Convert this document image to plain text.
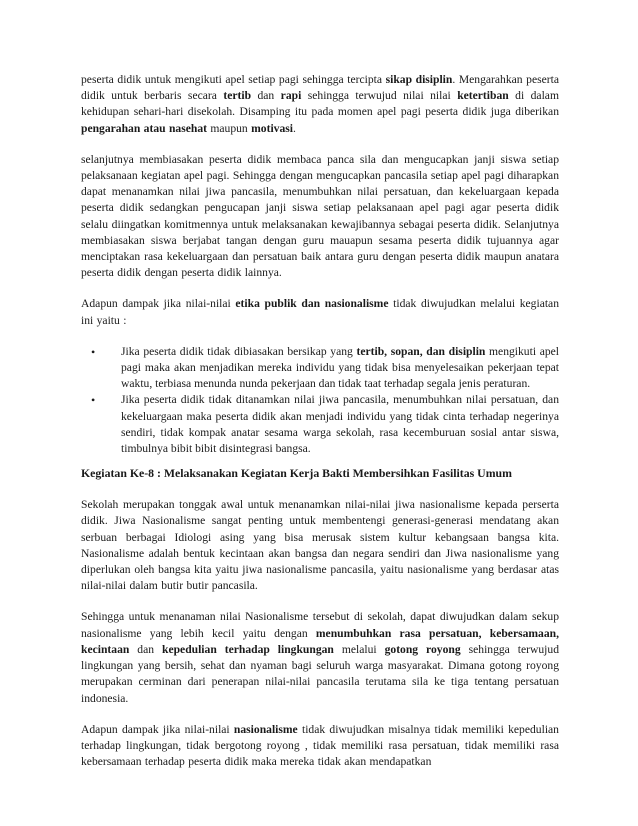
peserta didik untuk mengikuti apel setiap pagi sehingga tercipta sikap disiplin. Mengarahkan peserta didik untuk berbaris secara tertib dan rapi sehingga terwujud nilai nilai ketertiban di dalam kehidupan sehari-hari disekolah. Disamping itu pada momen apel pagi peserta didik juga diberikan pengarahan atau nasehat maupun motivasi.

selanjutnya membiasakan peserta didik membaca panca sila dan mengucapkan janji siswa setiap pelaksanaan kegiatan apel pagi. Sehingga dengan mengucapkan pancasila setiap apel pagi diharapkan dapat menanamkan nilai jiwa pancasila, menumbuhkan nilai persatuan, dan kekeluargaan kepada peserta didik sedangkan pengucapan janji siswa setiap pelaksanaan apel pagi agar peserta didik selalu diingatkan komitmennya untuk melaksanakan kewajibannya sebagai peserta didik. Selanjutnya membiasakan siswa berjabat tangan dengan guru mauapun sesama peserta didik tujuannya agar menciptakan rasa kekeluargaan dan persatuan baik antara guru dengan peserta didik maupun anatara peserta didik dengan peserta didik lainnya.

Adapun dampak jika nilai-nilai etika publik dan nasionalisme tidak diwujudkan melalui kegiatan ini yaitu :

• Jika peserta didik tidak dibiasakan bersikap yang tertib, sopan, dan disiplin mengikuti apel pagi maka akan menjadikan mereka individu yang tidak bisa menyelesaikan pekerjaan tepat waktu, terbiasa menunda nunda pekerjaan dan tidak taat terhadap segala jenis peraturan.
• Jika peserta didik tidak ditanamkan nilai jiwa pancasila, menumbuhkan nilai persatuan, dan kekeluargaan maka peserta didik akan menjadi individu yang tidak cinta terhadap negerinya sendiri, tidak kompak anatar sesama warga sekolah, rasa kecemburuan sosial antar siswa, timbulnya bibit bibit disintegrasi bangsa.
Kegiatan Ke-8 : Melaksanakan Kegiatan Kerja Bakti Membersihkan Fasilitas Umum

Sekolah merupakan tonggak awal untuk menanamkan nilai-nilai jiwa nasionalisme kepada perserta didik. Jiwa Nasionalisme sangat penting untuk membentengi generasi-generasi mendatang akan serbuan berbagai Idiologi asing yang bisa merusak sistem kultur kebangsaan bangsa kita. Nasionalisme adalah bentuk kecintaan akan bangsa dan negara sendiri dan Jiwa nasionalisme yang diperlukan oleh bangsa kita yaitu jiwa nasionalisme pancasila, yaitu nasionalisme yang berdasar atas nilai-nilai dalam butir butir pancasila.

Sehingga untuk menanaman nilai Nasionalisme tersebut di sekolah, dapat diwujudkan dalam sekup nasionalisme yang lebih kecil yaitu dengan menumbuhkan rasa persatuan, kebersamaan, kecintaan dan kepedulian terhadap lingkungan melalui gotong royong sehingga terwujud lingkungan yang bersih, sehat dan nyaman bagi seluruh warga masyarakat. Dimana gotong royong merupakan cerminan dari penerapan nilai-nilai pancasila terutama sila ke tiga tentang persatuan indonesia.

Adapun dampak jika nilai-nilai nasionalisme tidak diwujudkan misalnya tidak memiliki kepedulian terhadap lingkungan, tidak bergotong royong , tidak memiliki rasa persatuan, tidak memiliki rasa kebersamaan terhadap peserta didik maka mereka tidak akan mendapatkan
